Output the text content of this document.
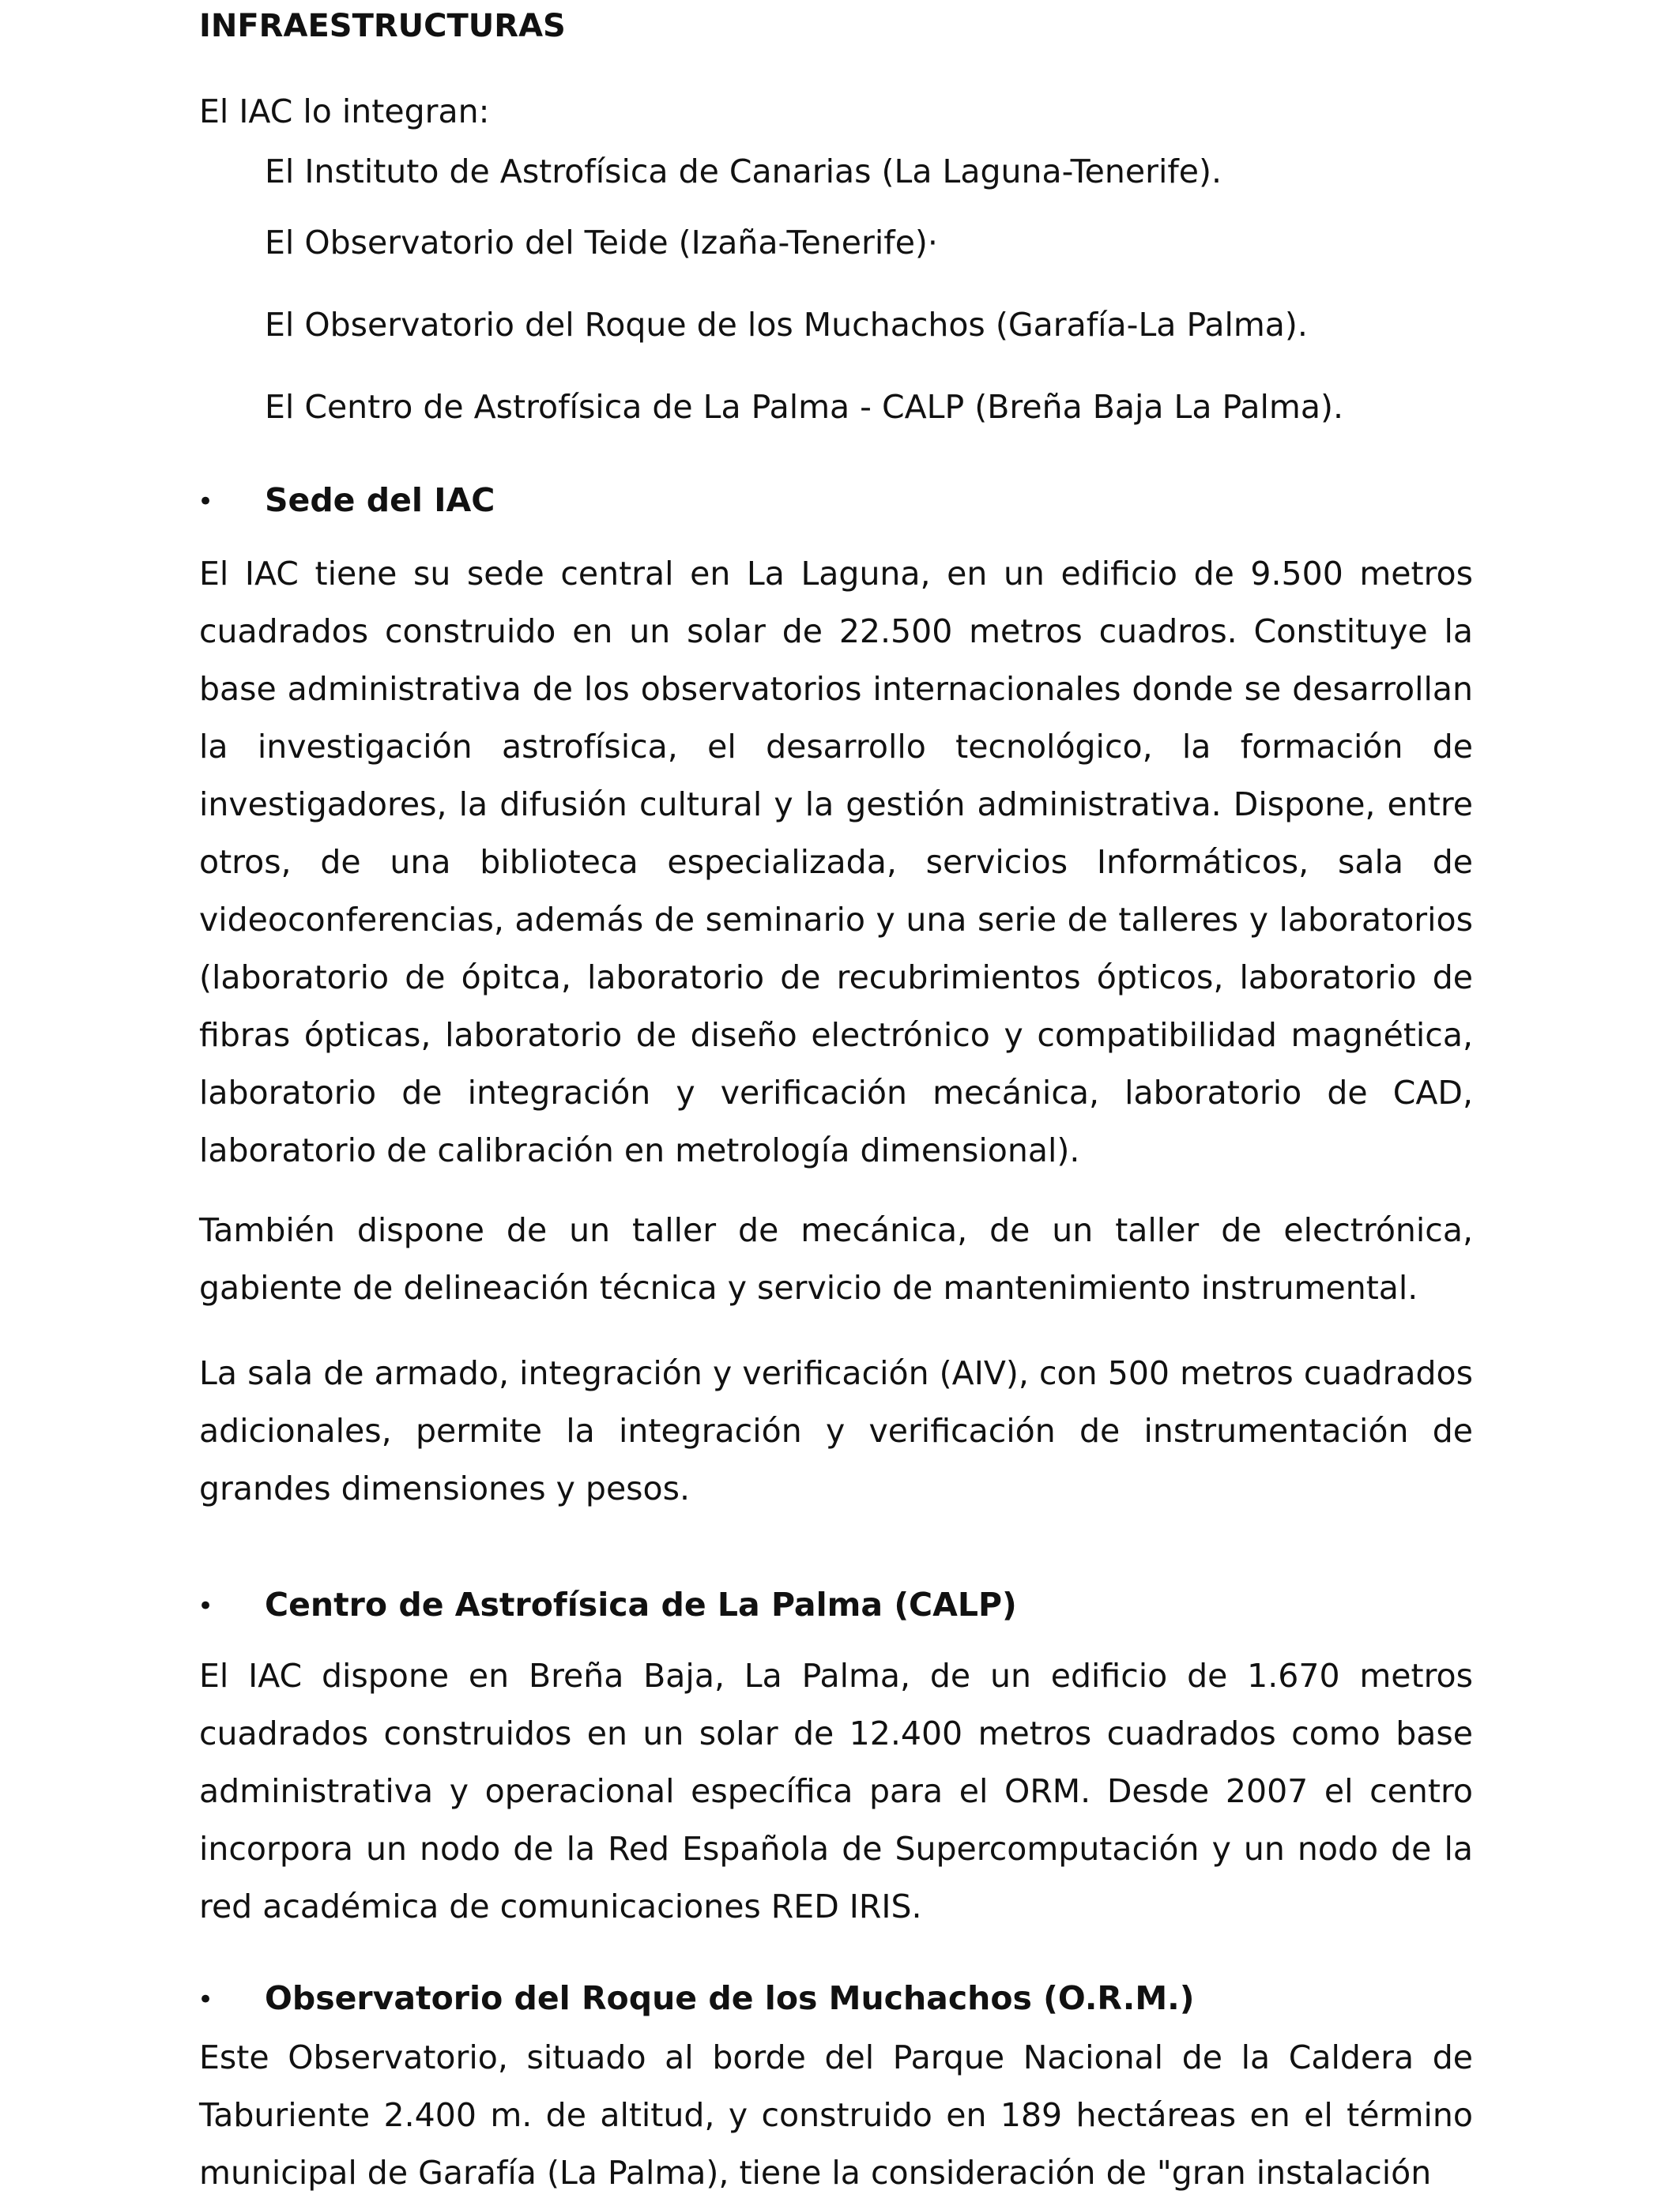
INFRAESTRUCTURAS

El IAC lo integran:

El Instituto de Astrofísica de Canarias (La Laguna-Tenerife).

El Observatorio del Teide (Izaña-Tenerife)·

El Observatorio del Roque de los Muchachos (Garafía-La Palma).

El Centro de Astrofísica de La Palma - CALP (Breña Baja La Palma).

• Sede del IAC

El IAC tiene su sede central en La Laguna, en un edificio de 9.500 metros cuadrados construido en un solar de 22.500 metros cuadros. Constituye la base administrativa de los observatorios internacionales donde se desarrollan la investigación astrofísica, el desarrollo tecnológico, la formación de investigadores, la difusión cultural y la gestión administrativa. Dispone, entre otros, de una biblioteca especializada, servicios Informáticos, sala de videoconferencias, además de seminario y una serie de talleres y laboratorios (laboratorio de ópitca, laboratorio de recubrimientos ópticos, laboratorio de fibras ópticas, laboratorio de diseño electrónico y compatibilidad magnética, laboratorio de integración y verificación mecánica, laboratorio de CAD, laboratorio de calibración en metrología dimensional).

También dispone de un taller de mecánica, de un taller de electrónica, gabiente de delineación técnica y servicio de mantenimiento instrumental.

La sala de armado, integración y verificación (AIV), con 500 metros cuadrados adicionales, permite la integración y verificación de instrumentación de grandes dimensiones y pesos.

• Centro de Astrofísica de La Palma (CALP)

El IAC dispone en Breña Baja, La Palma, de un edificio de 1.670 metros cuadrados construidos en un solar de 12.400 metros cuadrados como base administrativa y operacional específica para el ORM. Desde 2007 el centro incorpora un nodo de la Red Española de Supercomputación y un nodo de la red académica de comunicaciones RED IRIS.

• Observatorio del Roque de los Muchachos (O.R.M.)

Este Observatorio, situado al borde del Parque Nacional de la Caldera de Taburiente 2.400 m. de altitud, y construido en 189 hectáreas en el término municipal de Garafía (La Palma), tiene la consideración de "gran instalación
